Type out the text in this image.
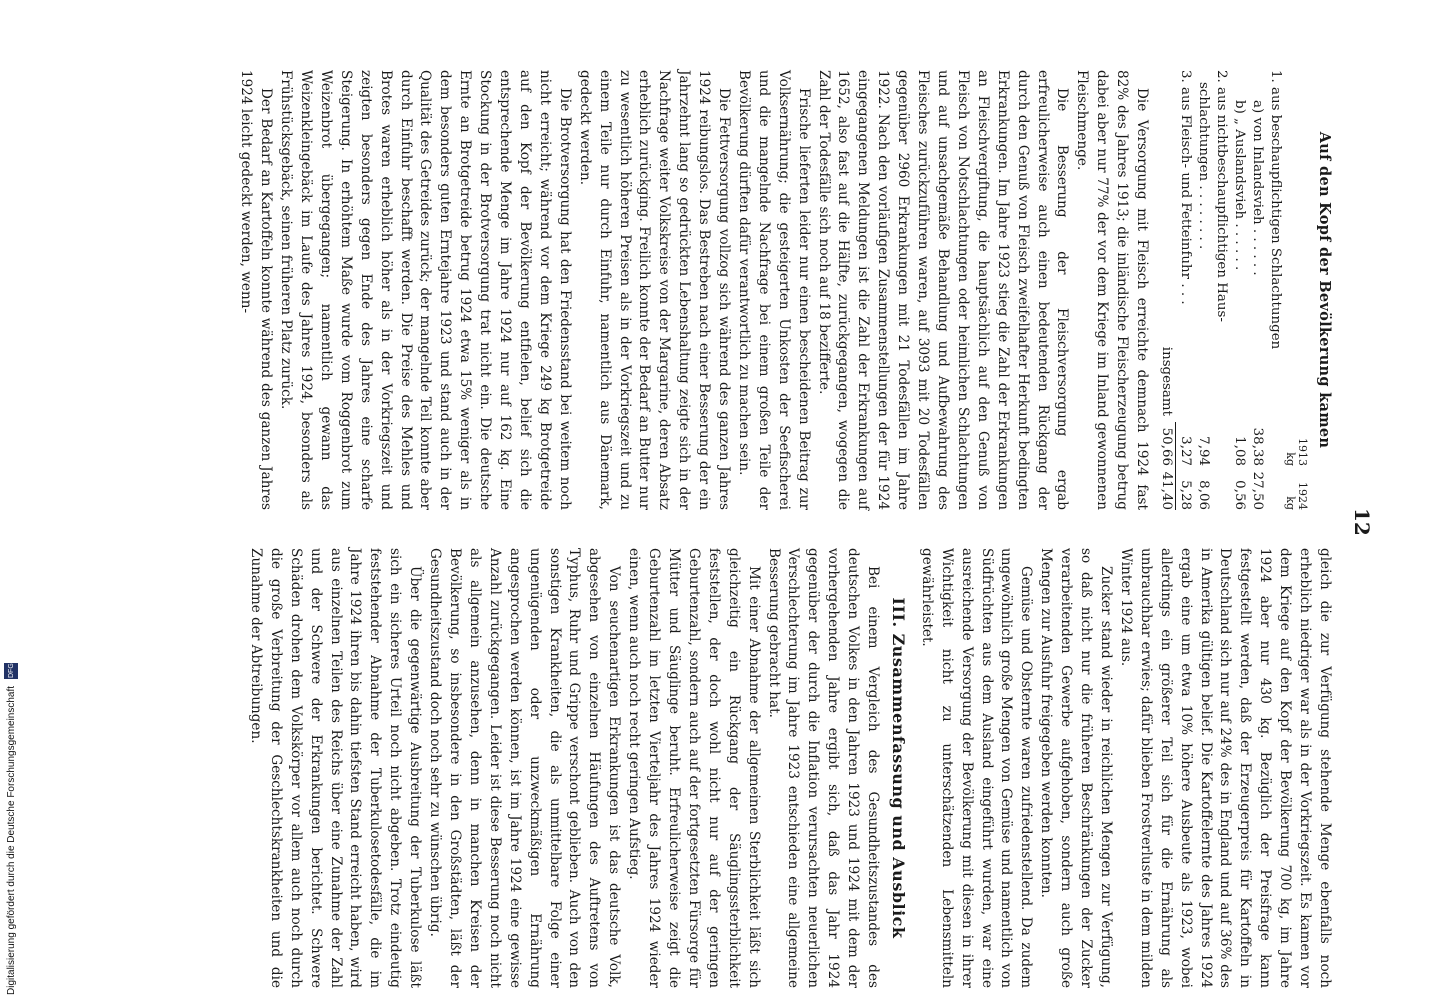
Digitalisierung gefördert durch die Deutsche Forschungsgemeinschaft DFG
12
Auf den Kopf der Bevölkerung kamen
	1913	1924
	kg	kg
1. aus beschaupflichtigen Schlachtungen		
a) von Inlandsvieh . . . . . .	38,38	27,50
b) „ Auslandsvieh . . . . . .	1,08	0,56
2. aus nichtbeschaupflichtigen Haus-		
schlachtungen . . . . . . . .	7,94	8,06
3. aus Fleisch- und Fetteinfuhr . . .	3,27	5,28
insgesamt	50,66	41,40

Die Versorgung mit Fleisch erreichte demnach 1924 fast 82% des Jahres 1913; die inländische Fleischerzeugung betrug dabei aber nur 77% der vor dem Kriege im Inland gewonnenen Fleischmenge.

Die Besserung der Fleischversorgung ergab erfreulicherweise auch einen bedeutenden Rückgang der durch den Genuß von Fleisch zweifelhafter Herkunft bedingten Erkrankungen. Im Jahre 1923 stieg die Zahl der Erkrankungen an Fleischvergiftung, die hauptsächlich auf den Genuß von Fleisch von Notschlachtungen oder heimlichen Schlachtungen und auf unsachgemäße Behandlung und Aufbewahrung des Fleisches zurückzuführen waren, auf 3093 mit 20 Todesfällen gegenüber 2960 Erkrankungen mit 21 Todesfällen im Jahre 1922. Nach den vorläufigen Zusammenstellungen der für 1924 eingegangenen Meldungen ist die Zahl der Erkrankungen auf 1652, also fast auf die Hälfte, zurückgegangen, wogegen die Zahl der Todesfälle sich noch auf 18 bezifferte.

Frische lieferten leider nur einen bescheidenen Beitrag zur Volksernährung; die gesteigerten Unkosten der Seefischerei und die mangelnde Nachfrage bei einem großen Teile der Bevölkerung dürften dafür verantwortlich zu machen sein.

Die Fettversorgung vollzog sich während des ganzen Jahres 1924 reibungslos. Das Bestreben nach einer Besserung der ein Jahrzehnt lang so gedrückten Lebenshaltung zeigte sich in der Nachfrage weiter Volkskreise von der Margarine, deren Absatz erheblich zurückging. Freilich konnte der Bedarf an Butter nur zu wesentlich höheren Preisen als in der Vorkriegszeit und zu einem Teile nur durch Einfuhr, namentlich aus Dänemark, gedeckt werden.

Die Brotversorgung hat den Friedensstand bei weitem noch nicht erreicht; während vor dem Kriege 249 kg Brotgetreide auf den Kopf der Bevölkerung entfielen, belief sich die entsprechende Menge im Jahre 1924 nur auf 162 kg. Eine Stockung in der Brotversorgung trat nicht ein. Die deutsche Ernte an Brotgetreide betrug 1924 etwa 15% weniger als in dem besonders guten Erntejahre 1923 und stand auch in der Qualität des Getreides zurück; der mangelnde Teil konnte aber durch Einfuhr beschafft werden. Die Preise des Mehles und Brotes waren erheblich höher als in der Vorkriegszeit und zeigten besonders gegen Ende des Jahres eine scharfe Steigerung. In erhöhtem Maße wurde vom Roggenbrot zum Weizenbrot übergegangen; namentlich gewann das Weizenkleingebäck im Laufe des Jahres 1924, besonders als Frühstücksgebäck, seinen früheren Platz zurück.

Der Bedarf an Kartoffeln konnte während des ganzen Jahres 1924 leicht gedeckt werden, wenn-

gleich die zur Verfügung stehende Menge ebenfalls noch erheblich niedriger war als in der Vorkriegszeit. Es kamen vor dem Kriege auf den Kopf der Bevölkerung 700 kg, im Jahre 1924 aber nur 430 kg. Bezüglich der Preisfrage kann festgestellt werden, daß der Erzeugerpreis für Kartoffeln in Deutschland sich nur auf 24% des in England und auf 36% des in Amerika gültigen belief. Die Kartoffelernte des Jahres 1924 ergab eine um etwa 10% höhere Ausbeute als 1923, wobei allerdings ein größerer Teil sich für die Ernährung als unbrauchbar erwies; dafür blieben Frostverluste in dem milden Winter 1924 aus.

Zucker stand wieder in reichlichen Mengen zur Verfügung, so daß nicht nur die früheren Beschränkungen der Zucker verarbeitenden Gewerbe aufgehoben, sondern auch große Mengen zur Ausfuhr freigegeben werden konnten.

Gemüse und Obsternte waren zufriedenstellend. Da zudem ungewöhnlich große Mengen von Gemüse und namentlich von Südfrüchten aus dem Ausland eingeführt wurden, war eine ausreichende Versorgung der Bevölkerung mit diesen in ihrer Wichtigkeit nicht zu unterschätzenden Lebensmitteln gewährleistet.

III. Zusammenfassung und Ausblick

Bei einem Vergleich des Gesundheitszustandes des deutschen Volkes in den Jahren 1923 und 1924 mit dem der vorhergehenden Jahre ergibt sich, daß das Jahr 1924 gegenüber der durch die Inflation verursachten neuerlichen Verschlechterung im Jahre 1923 entschieden eine allgemeine Besserung gebracht hat.

Mit einer Abnahme der allgemeinen Sterblichkeit läßt sich gleichzeitig ein Rückgang der Säuglingssterblichkeit feststellen, der doch wohl nicht nur auf der geringen Geburtenzahl, sondern auch auf der fortgesetzten Fürsorge für Mütter und Säuglinge beruht. Erfreulicherweise zeigt die Geburtenzahl im letzten Vierteljahr des Jahres 1924 wieder einen, wenn auch noch recht geringen Aufstieg.

Von seuchenartigen Erkrankungen ist das deutsche Volk, abgesehen von einzelnen Häufungen des Auftretens von Typhus, Ruhr und Grippe verschont geblieben. Auch von den sonstigen Krankheiten, die als unmittelbare Folge einer ungenügenden oder unzweckmäßigen Ernährung angesprochen werden können, ist im Jahre 1924 eine gewisse Anzahl zurückgegangen. Leider ist diese Besserung noch nicht als allgemein anzusehen, denn in manchen Kreisen der Bevölkerung, so insbesondere in den Großstädten, läßt der Gesundheitszustand doch noch sehr zu wünschen übrig.

Über die gegenwärtige Ausbreitung der Tuberkulose läßt sich ein sicheres Urteil noch nicht abgeben. Trotz eindeutig feststehender Abnahme der Tuberkulosetodesfälle, die im Jahre 1924 ihren bis dahin tiefsten Stand erreicht haben, wird aus einzelnen Teilen des Reichs über eine Zunahme der Zahl und der Schwere der Erkrankungen berichtet. Schwere Schäden drohen dem Volkskörper vor allem auch noch durch die große Verbreitung der Geschlechtskrankheiten und die Zunahme der Abtreibungen.
